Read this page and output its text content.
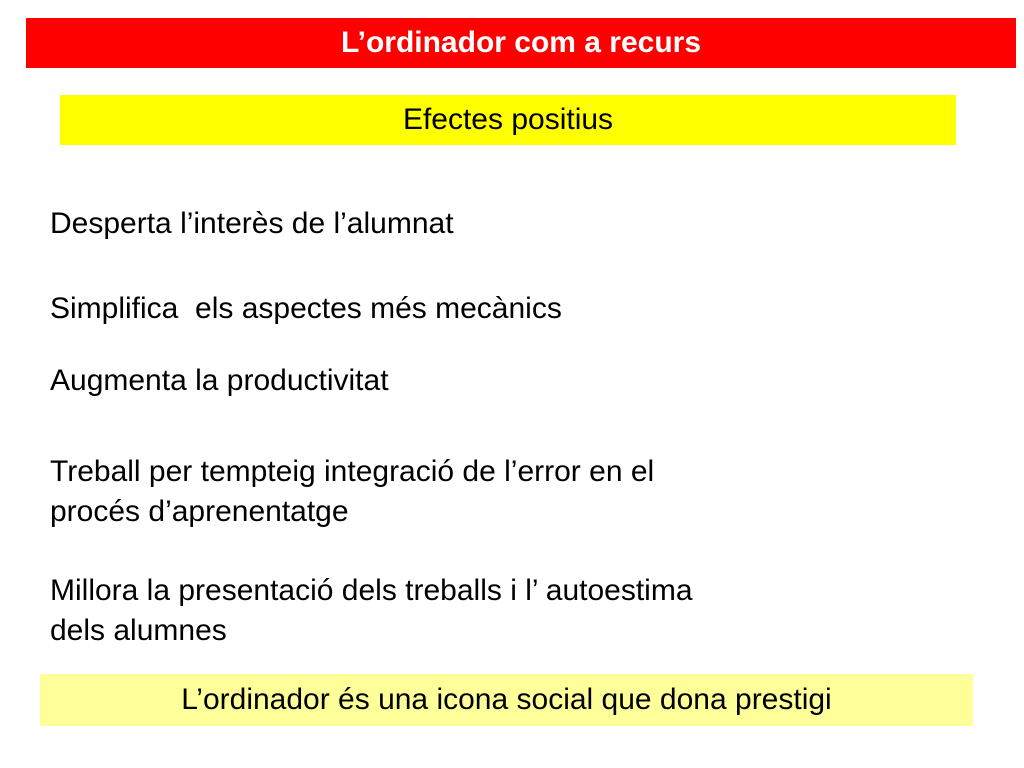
L’ordinador com a recurs
Efectes positius
Desperta l’interès de l’alumnat
Simplifica  els aspectes més mecànics
Augmenta la productivitat
Treball per tempteig integració de l’error en el
procés d’aprenentatge
Millora la presentació dels treballs i l’ autoestima
dels alumnes
L’ordinador és una icona social que dona prestigi
